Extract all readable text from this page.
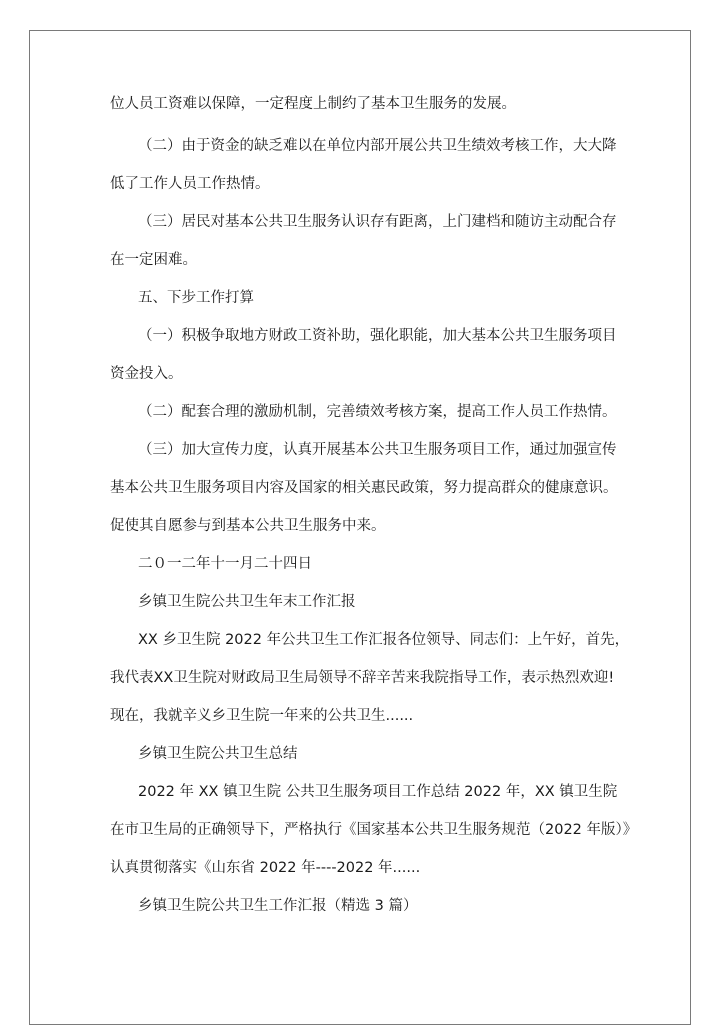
位人员工资难以保障，一定程度上制约了基本卫生服务的发展。
（二）由于资金的缺乏难以在单位内部开展公共卫生绩效考核工作，大大降
低了工作人员工作热情。
（三）居民对基本公共卫生服务认识存有距离，上门建档和随访主动配合存
在一定困难。
五、下步工作打算
（一）积极争取地方财政工资补助，强化职能，加大基本公共卫生服务项目
资金投入。
（二）配套合理的激励机制，完善绩效考核方案，提高工作人员工作热情。
（三）加大宣传力度，认真开展基本公共卫生服务项目工作，通过加强宣传
基本公共卫生服务项目内容及国家的相关惠民政策，努力提高群众的健康意识。
促使其自愿参与到基本公共卫生服务中来。
二０一二年十一月二十四日
乡镇卫生院公共卫生年末工作汇报
XX 乡卫生院 2022 年公共卫生工作汇报各位领导、同志们：上午好，首先，
我代表XX卫生院对财政局卫生局领导不辞辛苦来我院指导工作，表示热烈欢迎!
现在，我就辛义乡卫生院一年来的公共卫生......
乡镇卫生院公共卫生总结
2022 年 XX 镇卫生院 公共卫生服务项目工作总结 2022 年，XX 镇卫生院
在市卫生局的正确领导下，严格执行《国家基本公共卫生服务规范（2022 年版）》
认真贯彻落实《山东省 2022 年----2022 年......
乡镇卫生院公共卫生工作汇报（精选 3 篇）
